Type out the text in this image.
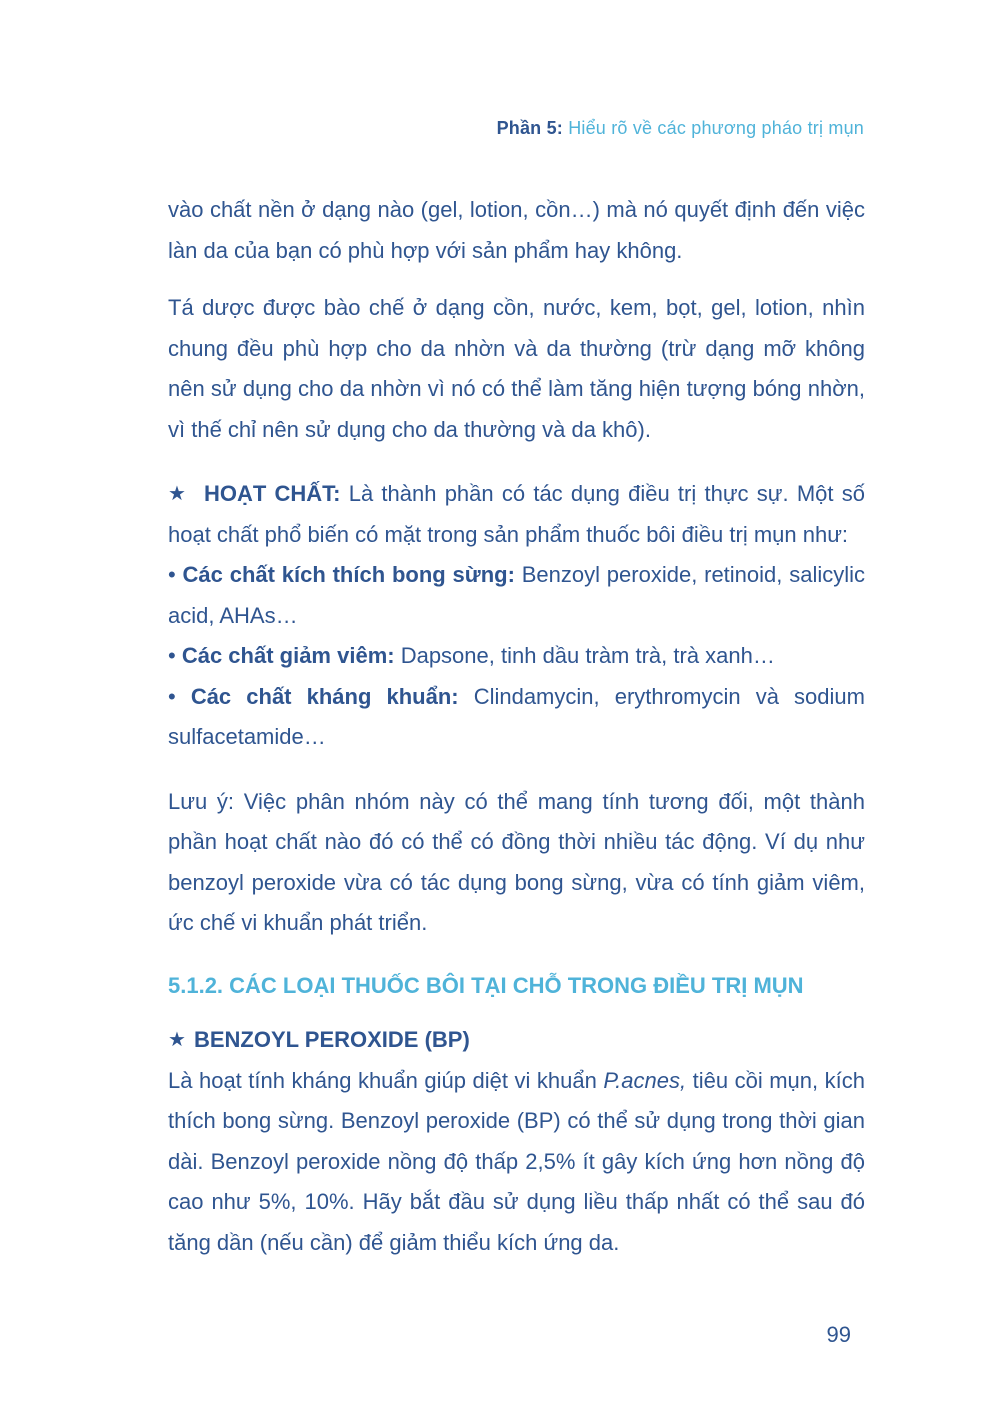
Phần 5: Hiểu rõ về các phương pháo trị mụn

vào chất nền ở dạng nào (gel, lotion, cồn…) mà nó quyết định đến việc làn da của bạn có phù hợp với sản phẩm hay không.

Tá dược được bào chế ở dạng cồn, nước, kem, bọt, gel, lotion, nhìn chung đều phù hợp cho da nhờn và da thường (trừ dạng mỡ không nên sử dụng cho da nhờn vì nó có thể làm tăng hiện tượng bóng nhờn, vì thế chỉ nên sử dụng cho da thường và da khô).

★ HOẠT CHẤT: Là thành phần có tác dụng điều trị thực sự. Một số hoạt chất phổ biến có mặt trong sản phẩm thuốc bôi điều trị mụn như:

• Các chất kích thích bong sừng: Benzoyl peroxide, retinoid, salicylic acid, AHAs…

• Các chất giảm viêm: Dapsone, tinh dầu tràm trà, trà xanh…

• Các chất kháng khuẩn: Clindamycin, erythromycin và sodium sulfacetamide…

Lưu ý: Việc phân nhóm này có thể mang tính tương đối, một thành phần hoạt chất nào đó có thể có đồng thời nhiều tác động. Ví dụ như benzoyl peroxide vừa có tác dụng bong sừng, vừa có tính giảm viêm, ức chế vi khuẩn phát triển.

5.1.2. CÁC LOẠI THUỐC BÔI TẠI CHỖ TRONG ĐIỀU TRỊ MỤN

★ BENZOYL PEROXIDE (BP)

Là hoạt tính kháng khuẩn giúp diệt vi khuẩn P.acnes, tiêu cồi mụn, kích thích bong sừng. Benzoyl peroxide (BP) có thể sử dụng trong thời gian dài. Benzoyl peroxide nồng độ thấp 2,5% ít gây kích ứng hơn nồng độ cao như 5%, 10%. Hãy bắt đầu sử dụng liều thấp nhất có thể sau đó tăng dần (nếu cần) để giảm thiểu kích ứng da.

99
